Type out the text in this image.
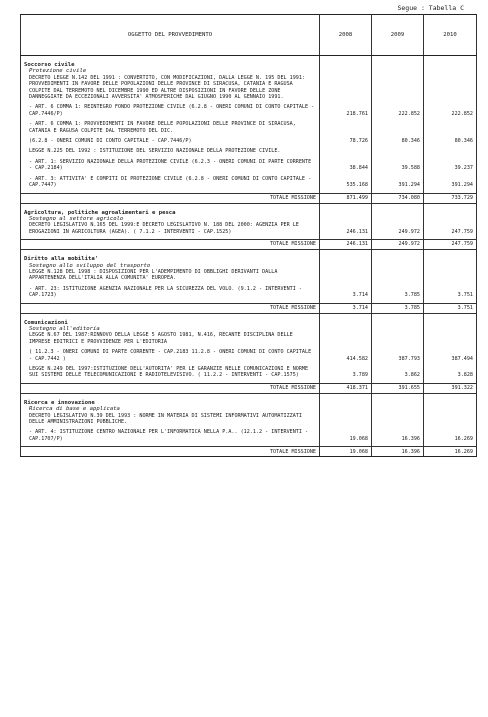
Segue : Tabella C
OGGETTO DEL PROVVEDIMENTO	2008	2009	2010
Soccorso civile			
Protezione civile			
DECRETO LEGGE N.142 DEL 1991 : CONVERTITO, CON MODIFICAZIONI, DALLA LEGGE N. 195 DEL 1991: PROVVEDIMENTI IN FAVORE DELLE POPOLAZIONI DELLE PROVINCE DI SIRACUSA, CATANIA E RAGUSA COLPITE DAL TERREMOTO NEL DICEMBRE 1990 ED ALTRE DISPOSIZIONI IN FAVORE DELLE ZONE DANNEGGIATE DA ECCEZIONALI AVVERSITA' ATMOSFERICHE DAL GIUGNO 1990 AL GENNAIO 1991.			

- ART. 6 COMMA 1: REINTEGRO FONDO PROTEZIONE CIVILE (6.2.8 - ONERI COMUNI DI CONTO CAPITALE - CAP.7446/P)	218.761	222.852	222.852

- ART. 6 COMMA 1: PROVVEDIMENTI IN FAVORE DELLE POPOLAZIONI DELLE PROVINCE DI SIRACUSA, CATANIA E RAGUSA COLPITE DAL TERREMOTO DEL DIC.			

(6.2.8 - ONERI COMUNI DI CONTO CAPITALE - CAP.7446/P)	78.726	80.346	80.346

LEGGE N.225 DEL 1992 : ISTITUZIONE DEL SERVIZIO NAZIONALE DELLA PROTEZIONE CIVILE.			

- ART. 1: SERVIZIO NAZIONALE DELLA PROTEZIONE CIVILE (6.2.3 - ONERI COMUNI DI PARTE CORRENTE - CAP.2184)	38.844	39.588	39.237

- ART. 3: ATTIVITA' E COMPITI DI PROTEZIONE CIVILE (6.2.8 - ONERI COMUNI DI CONTO CAPITALE - CAP.7447)	535.168	391.294	391.294

TOTALE MISSIONE	871.499	734.080	733.729
Agricoltura, politiche agroalimentari e pesca			
Sostegno al settore agricolo			
DECRETO LEGISLATIVO N.165 DEL 1999:E DECRETO LEGISLATIVO N. 188 DEL 2000: AGENZIA PER LE EROGAZIONI IN AGRICOLTURA (AGEA). ( 7.1.2 - INTERVENTI - CAP.1525)	246.131	249.972	247.759

TOTALE MISSIONE	246.131	249.972	247.759
Diritto alla mobilita'			
Sostegno allo sviluppo del trasporto			
LEGGE N.128 DEL 1998 : DISPOSIZIONI PER L'ADEMPIMENTO DI OBBLIGHI DERIVANTI DALLA APPARTENENZA DELL'ITALIA ALLA COMUNITA' EUROPEA.			

- ART. 23: ISTITUZIONE AGENZIA NAZIONALE PER LA SICUREZZA DEL VOLO. (9.1.2 - INTERVENTI - CAP.1723)	3.714	3.785	3.751

TOTALE MISSIONE	3.714	3.785	3.751
Comunicazioni			
Sostegno all'editoria			
LEGGE N.67 DEL 1987:RINNOVO DELLA LEGGE 5 AGOSTO 1981, N.416, RECANTE DISCIPLINA DELLE IMPRESE EDITRICI E PROVVIDENZE PER L'EDITORIA			

( 11.2.3 - ONERI COMUNI DI PARTE CORRENTE - CAP.2183 11.2.8 - ONERI COMUNI DI CONTO CAPITALE - CAP.7442 )	414.582	387.793	387.494

LEGGE N.249 DEL 1997:ISTITUZIONE DELL'AUTORITA' PER LE GARANZIE NELLE COMUNICAZIONI E NORME SUI SISTEMI DELLE TELECOMUNICAZIONI E RADIOTELEVISIVO. ( 11.2.2 - INTERVENTI - CAP.1575)	3.789	3.862	3.828

TOTALE MISSIONE	418.371	391.655	391.322
Ricerca e innovazione			
Ricerca di base e applicata			
DECRETO LEGISLATIVO N.39 DEL 1993 : NORME IN MATERIA DI SISTEMI INFORMATIVI AUTOMATIZZATI DELLE AMMINISTRAZIONI PUBBLICHE.			

- ART. 4: ISTITUZIONE CENTRO NAZIONALE PER L'INFORMATICA NELLA P.A.. (12.1.2 - INTERVENTI - CAP.1707/P)	19.068	16.396	16.269

TOTALE MISSIONE	19.068	16.396	16.269
